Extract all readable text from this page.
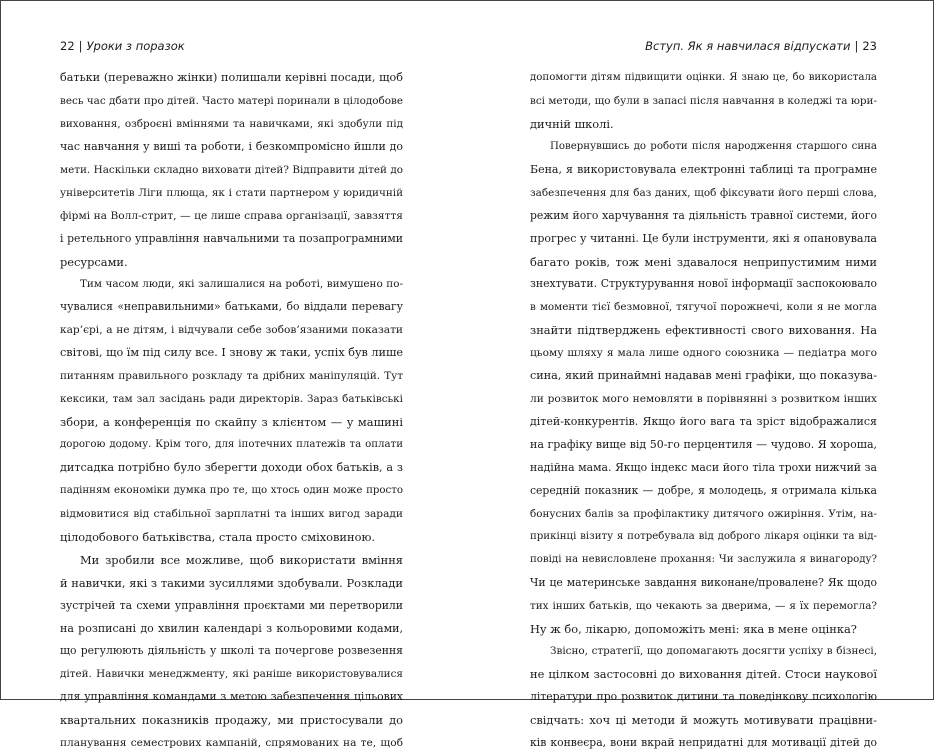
22 | Уроки з поразок
батьки (переважно жінки) полишали керівні посади, щоб
весь час дбати про дітей. Часто матері поринали в цілодобове
виховання, озброєні вміннями та навичками, які здобули під
час навчання у виші та роботи, і безкомпромісно йшли до
мети. Наскільки складно виховати дітей? Відправити дітей до
університетів Ліги плюща, як і стати партнером у юридичній
фірмі на Волл-стрит, — це лише справа організації, завзяття
і ретельного управління навчальними та позапрограмними
ресурсами.
Тим часом люди, які залишалися на роботі, вимушено по-
чувалися «неправильними» батьками, бо віддали перевагу
кар’єрі, а не дітям, і відчували себе зобов’язаними показати
світові, що їм під силу все. І знову ж таки, успіх був лише
питанням правильного розкладу та дрібних маніпуляцій. Тут
кексики, там зал засідань ради директорів. Зараз батьківські
збори, а конференція по скайпу з клієнтом — у машині
дорогою додому. Крім того, для іпотечних платежів та оплати
дитсадка потрібно було зберегти доходи обох батьків, а з
падінням економіки думка про те, що хтось один може просто
відмовитися від стабільної зарплатні та інших вигод заради
цілодобового батьківства, стала просто сміховиною.
Ми зробили все можливе, щоб використати вміння
й навички, які з такими зусиллями здобували. Розклади
зустрічей та схеми управління проєктами ми перетворили
на розписані до хвилин календарі з кольоровими кодами,
що регулюють діяльність у школі та почергове розвезення
дітей. Навички менеджменту, які раніше використовувалися
для управління командами з метою забезпечення цільових
квартальних показників продажу, ми пристосували до
планування семестрових кампаній, спрямованих на те, щоб
Вступ. Як я навчилася відпускати | 23
допомогти дітям підвищити оцінки. Я знаю це, бо використала
всі методи, що були в запасі після навчання в коледжі та юри-
дичній школі.
Повернувшись до роботи після народження старшого сина
Бена, я використовувала електронні таблиці та програмне
забезпечення для баз даних, щоб фіксувати його перші слова,
режим його харчування та діяльність травної системи, його
прогрес у читанні. Це були інструменти, які я опановувала
багато років, тож мені здавалося неприпустимим ними
знехтувати. Структурування нової інформації заспокоювало
в моменти тієї безмовної, тягучої порожнечі, коли я не могла
знайти підтверджень ефективності свого виховання. На
цьому шляху я мала лише одного союзника — педіатра мого
сина, який принаймні надавав мені графіки, що показува-
ли розвиток мого немовляти в порівнянні з розвитком інших
дітей-конкурентів. Якщо його вага та зріст відображалися
на графіку вище від 50-го перцентиля — чудово. Я хороша,
надійна мама. Якщо індекс маси його тіла трохи нижчий за
середній показник — добре, я молодець, я отримала кілька
бонусних балів за профілактику дитячого ожиріння. Утім, на-
прикінці візиту я потребувала від доброго лікаря оцінки та від-
повіді на невисловлене прохання: Чи заслужила я винагороду?
Чи це материнське завдання виконане/провалене? Як щодо
тих інших батьків, що чекають за дверима, — я їх перемогла?
Ну ж бо, лікарю, допоможіть мені: яка в мене оцінка?
Звісно, стратегії, що допомагають досягти успіху в бізнесі,
не цілком застосовні до виховання дітей. Стоси наукової
літератури про розвиток дитини та поведінкову психологію
свідчать: хоч ці методи й можуть мотивувати працівни-
ків конвеєра, вони вкрай непридатні для мотивації дітей до
